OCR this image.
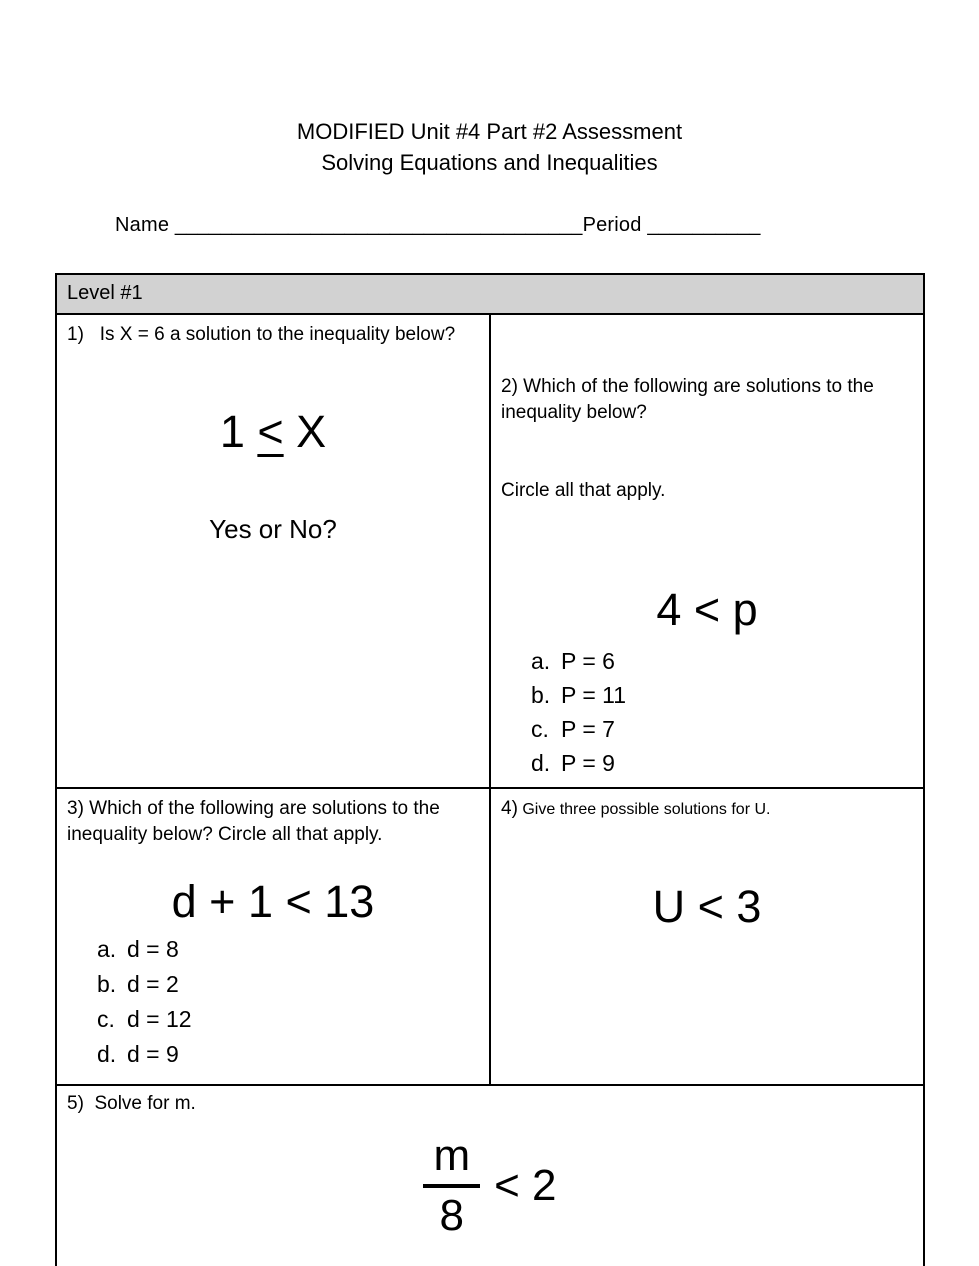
MODIFIED Unit #4 Part #2 Assessment
Solving Equations and Inequalities
Name ____________________________________Period __________
Level #1	

1)   Is X = 6 a solution to the inequality below?
1 < X
Yes or No?

2) Which of the following are solutions to the inequality below?

Circle all that apply.

4 < p
a. P = 6
b. P = 11
c. P = 7
d. P = 9

3) Which of the following are solutions to the inequality below? Circle all that apply.
d + 1 < 13
a. d = 8
b. d = 2
c. d = 12
d. d = 9

4) Give three possible solutions for U.
U < 3

5)  Solve for m.
$\frac{m}{8} < 2$	
